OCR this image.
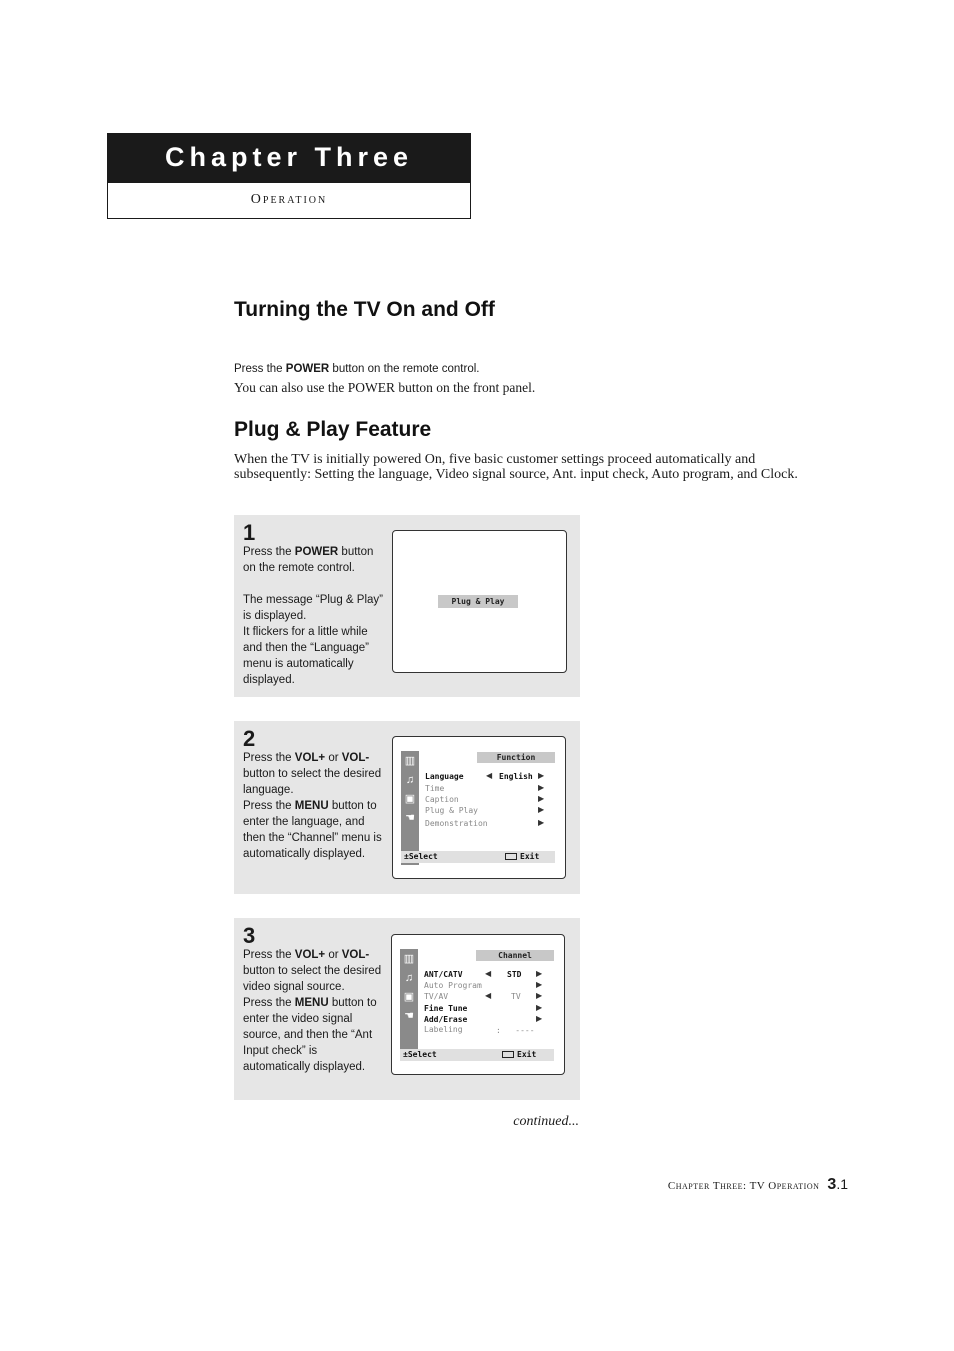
Chapter Three
Operation
Turning the TV On and Off

Press the POWER button on the remote control.

You can also use the POWER button on the front panel.

Plug & Play Feature

When the TV is initially powered On, five basic customer settings proceed automatically and subsequently: Setting the language, Video signal source, Ant. input check, Auto program, and Clock.

1
Press the POWER button on the remote control.

The message “Plug & Play” is displayed.
It flickers for a little while and then the “Language” menu is automatically displayed.
Plug & Play
2
Press the VOL+ or VOL- button to select the desired language.
Press the MENU button to enter the language, and then the “Channel” menu is automatically displayed.
▥
♫
▣
☚
Function
Language	◀ English ▶
Time	▶
Caption	▶
Plug & Play	▶
Demonstration	▶
±Select	Exit
3
Press the VOL+ or VOL- button to select the desired video signal source.
Press the MENU button to enter the video signal source, and then the “Ant Input check” is automatically displayed.
▥
♫
▣
☚
Channel
ANT/CATV	◀ STD ▶
Auto Program	▶
TV/AV	◀ TV ▶
Fine Tune	▶
Add/Erase	▶
Labeling	:   ----
±Select	Exit
continued...
Chapter Three: TV Operation 3.1
